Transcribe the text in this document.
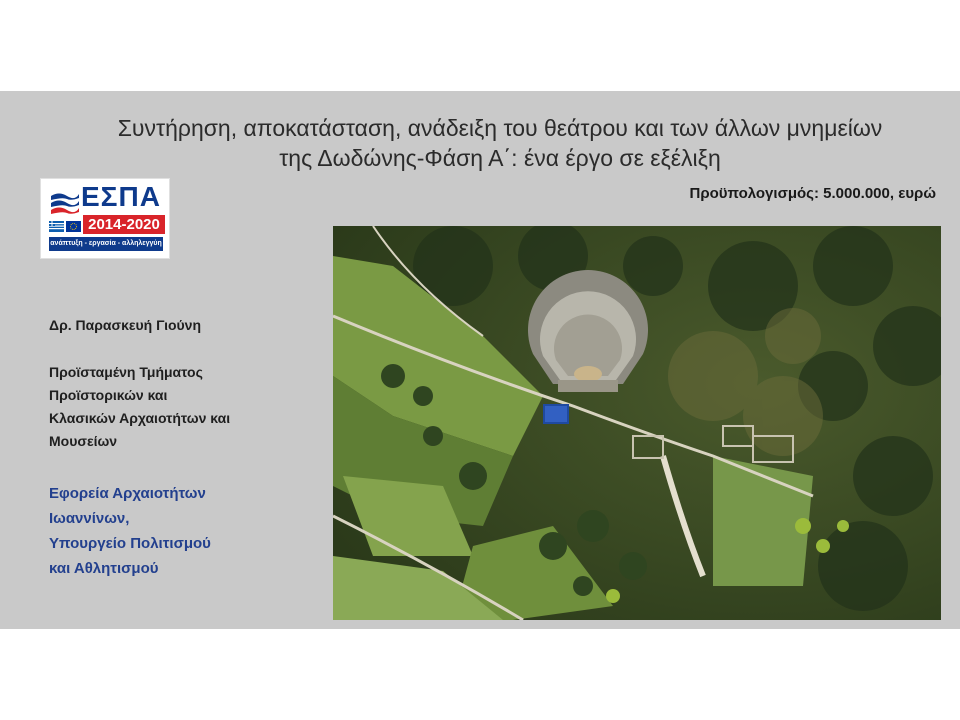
Συντήρηση, αποκατάσταση, ανάδειξη του θεάτρου και των άλλων μνημείων
της Δωδώνης-Φάση Α΄: ένα έργο σε εξέλιξη
Προϋπολογισμός: 5.000.000, ευρώ
ΕΣΠΑ
2014-2020
ανάπτυξη - εργασία - αλληλεγγύη
Δρ. Παρασκευή Γιούνη
Προϊσταμένη Τμήματος
Προϊστορικών και
Κλασικών Αρχαιοτήτων και
Μουσείων
Εφορεία Αρχαιοτήτων
Ιωαννίνων,
Υπουργείο Πολιτισμού
και Αθλητισμού
